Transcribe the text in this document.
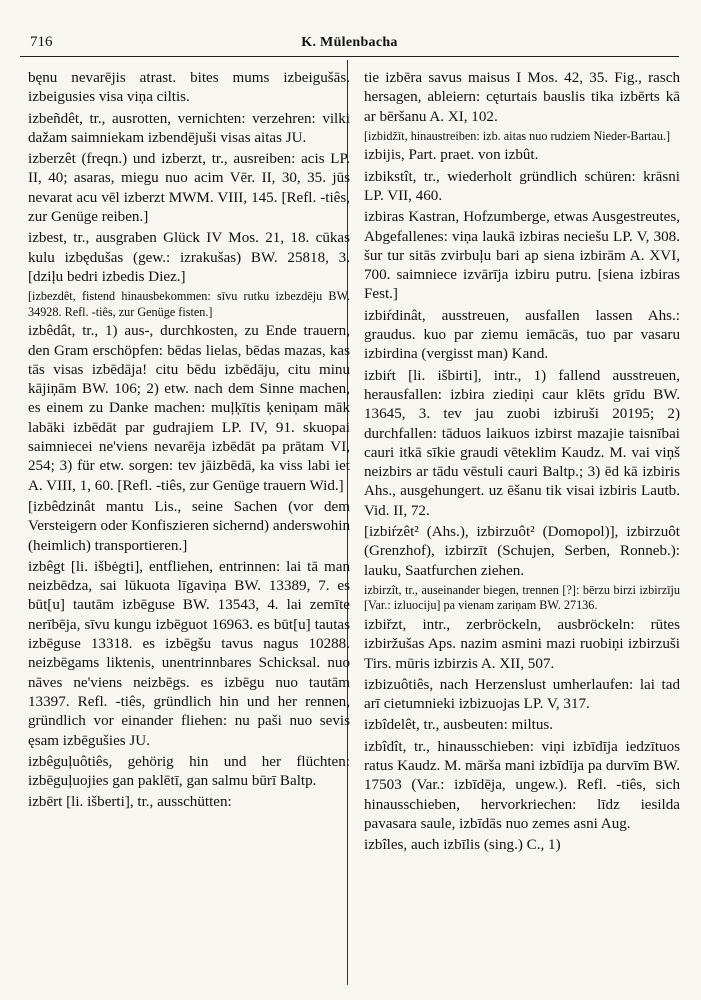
716	K. Mülenbacha

bęnu nevarējis atrast. bites mums izbeigušās. izbeigusies visa viņa ciltis.

izbeñdêt, tr., ausrotten, vernichten: verzehren: vilki dažam saimniekam izbendējuši visas aitas JU.

izberzêt (freqn.) und izberzt, tr., ausreiben: acis LP. II, 40; asaras, miegu nuo acim Vēr. II, 30, 35. jūs nevarat acu vēl izberzt MWM. VIII, 145. [Refl. -tiês, zur Genüge reiben.]

izbest, tr., ausgraben Glück IV Mos. 21, 18. cūkas kulu izbędušas (gew.: izrakušas) BW. 25818, 3. [dziļu bedri izbedis Diez.]

[izbezdêt, fistend hinausbekommen: sīvu rutku izbezdēju BW. 34928. Refl. -tiês, zur Genüge fisten.]

izbêdât, tr., 1) aus-, durchkosten, zu Ende trauern, den Gram erschöpfen: bēdas lielas, bēdas mazas, kas tās visas izbēdāja! citu bēdu izbēdāju, citu minu kājiņām BW. 106; 2) etw. nach dem Sinne machen, es einem zu Danke machen: muļķītis ķeniņam māk labāki izbēdāt par gudrajiem LP. IV, 91. skuopai saimniecei ne'viens nevarēja izbēdāt pa prātam VI, 254; 3) für etw. sorgen: tev jāizbēdā, ka viss labi iet A. VIII, 1, 60. [Refl. -tiês, zur Genüge trauern Wid.]

[izbêdzinât mantu Lis., seine Sachen (vor dem Versteigern oder Konfiszieren sichernd) anderswohin (heimlich) transportieren.]

izbêgt [li. išbėgti], entfliehen, entrinnen: lai tā man neizbēdza, sai lūkuota līgaviņa BW. 13389, 7. es būt[u] tautām izbēguse BW. 13543, 4. lai zemīte nerībēja, sīvu kungu izbēguot 16963. es būt[u] tautas izbēguse 13318. es izbēgšu tavus nagus 10288. neizbēgams liktenis, unentrinnbares Schicksal. nuo nāves ne'viens neizbēgs. es izbēgu nuo tautām 13397. Refl. -tiês, gründlich hin und her rennen, gründlich vor einander fliehen: nu paši nuo sevis ęsam izbēgušies JU.

izbêguļuôtiês, gehörig hin und her flüchten: izbēguļuojies gan paklētī, gan salmu būrī Baltp.

izbērt [li. išberti], tr., ausschütten:

tie izbēra savus maisus I Mos. 42, 35. Fig., rasch hersagen, ableiern: cęturtais bauslis tika izbērts kā ar bēršanu A. XI, 102.

[izbidžīt, hinaustreiben: izb. aitas nuo rudziem Nieder-Bartau.]

izbijis, Part. praet. von izbût.

izbikstît, tr., wiederholt gründlich schüren: krāsni LP. VII, 460.

izbiras Kastran, Hofzumberge, etwas Ausgestreutes, Abgefallenes: viņa laukā izbiras neciešu LP. V, 308. šur tur sitās zvirbuļu bari ap siena izbirām A. XVI, 700. saimniece izvārīja izbiru putru. [siena izbiras Fest.]

izbiŕdinât, ausstreuen, ausfallen lassen Ahs.: graudus. kuo par ziemu iemācās, tuo par vasaru izbirdina (vergisst man) Kand.

izbiŕt [li. išbirti], intr., 1) fallend ausstreuen, herausfallen: izbira ziediņi caur klēts grīdu BW. 13645, 3. tev jau zuobi izbiruši 20195; 2) durchfallen: tāduos laikuos izbirst mazajie taisnībai cauri itkā sīkie graudi vēteklim Kaudz. M. vai viņš neizbirs ar tādu vēstuli cauri Baltp.; 3) ēd kā izbiris Ahs., ausgehungert. uz ēšanu tik visai izbiris Lautb. Vid. II, 72.

[izbiŕzêt² (Ahs.), izbirzuôt² (Domopol)], izbirzuôt (Grenzhof), izbirzīt (Schujen, Serben, Ronneb.): lauku, Saatfurchen ziehen.

izbirzît, tr., auseinander biegen, trennen [?]: bērzu birzi izbirzīju [Var.: izluociju] pa vienam zariņam BW. 27136.

izbiřzt, intr., zerbröckeln, ausbröckeln: rūtes izbiržušas Aps. nazim asmini mazi ruobiņi izbirzuši Tirs. mūris izbirzis A. XII, 507.

izbizuôtiês, nach Herzenslust umherlaufen: lai tad arī cietumnieki izbizuojas LP. V, 317.

izbîdelêt, tr., ausbeuten: miltus.

izbîdît, tr., hinausschieben: viņi izbīdīja iedzītuos ratus Kaudz. M. mārša mani izbīdīja pa durvīm BW. 17503 (Var.: izbīdēja, ungew.). Refl. -tiês, sich hinausschieben, hervorkriechen: līdz iesilda pavasara saule, izbīdās nuo zemes asni Aug.

izbîles, auch izbīlis (sing.) C., 1)
